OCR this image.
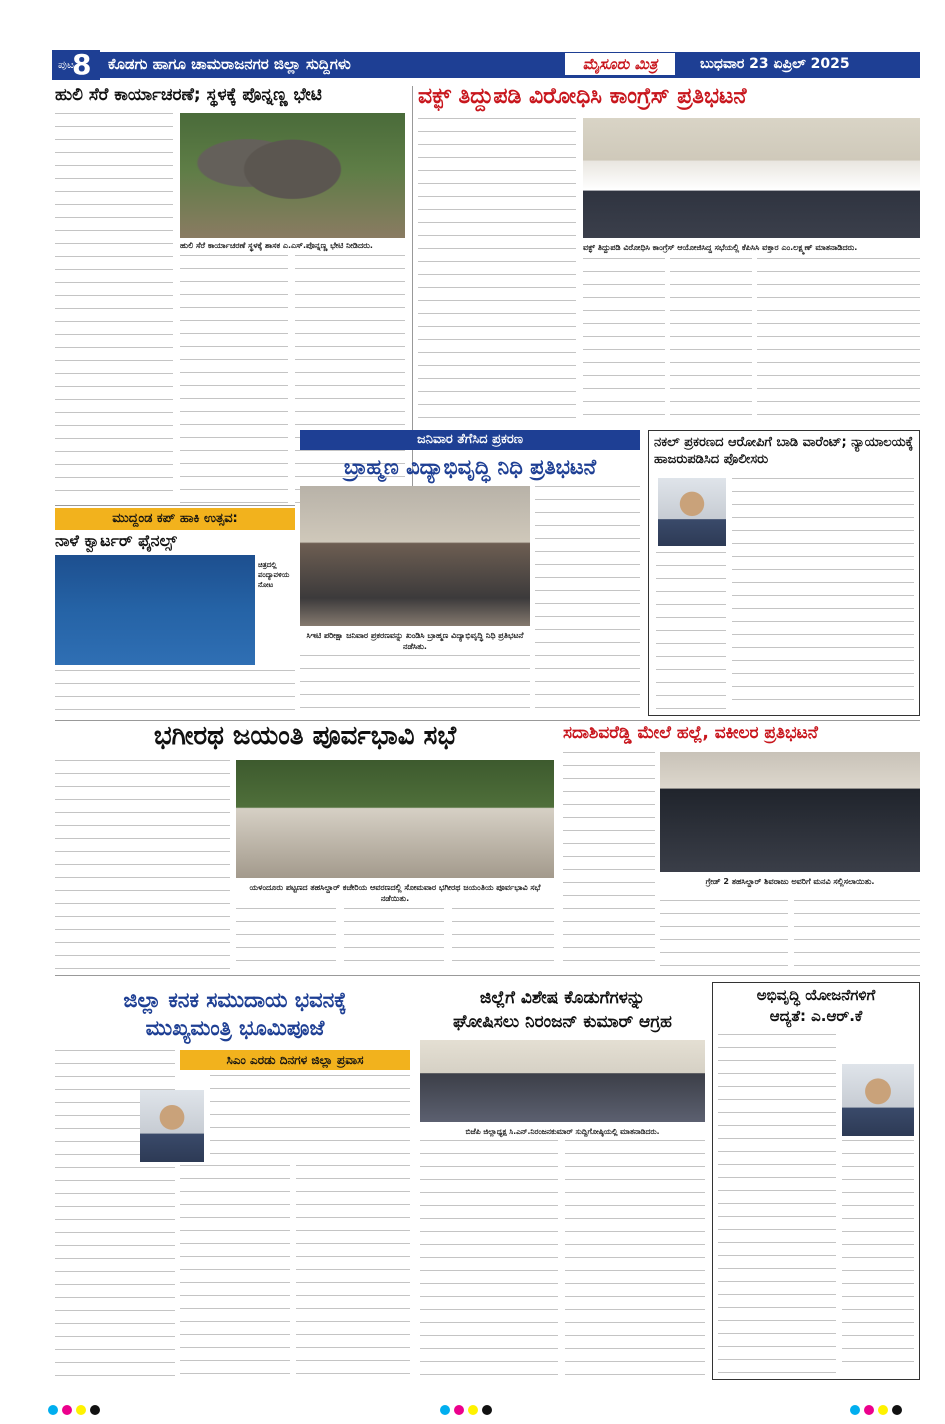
ಪುಟ
8 ಕೊಡಗು ಹಾಗೂ ಚಾಮರಾಜನಗರ ಜಿಲ್ಲಾ ಸುದ್ದಿಗಳು	ಮೈಸೂರು ಮಿತ್ರ	ಬುಧವಾರ 23 ಏಪ್ರಿಲ್ 2025
ಹುಲಿ ಸೆರೆ ಕಾರ್ಯಾಚರಣೆ; ಸ್ಥಳಕ್ಕೆ ಪೊನ್ನಣ್ಣ ಭೇಟಿ
ಹುಲಿ ಸೆರೆ ಕಾರ್ಯಾಚರಣೆ ಸ್ಥಳಕ್ಕೆ ಶಾಸಕ ಎ.ಎಸ್.ಪೊನ್ನಣ್ಣ ಭೇಟಿ ನೀಡಿದರು.
ವಕ್ಫ್ ತಿದ್ದುಪಡಿ ವಿರೋಧಿಸಿ ಕಾಂಗ್ರೆಸ್ ಪ್ರತಿಭಟನೆ
ವಕ್ಫ್ ತಿದ್ದುಪಡಿ ವಿರೋಧಿಸಿ ಕಾಂಗ್ರೆಸ್ ಆಯೋಜಿಸಿದ್ದ ಸಭೆಯಲ್ಲಿ ಕೆಪಿಸಿಸಿ ವಕ್ತಾರ ಎಂ.ಲಕ್ಷ್ಮಣ್ ಮಾತನಾಡಿದರು.
ಮುದ್ದಂಡ ಕಪ್ ಹಾಕಿ ಉತ್ಸವ:
ನಾಳೆ ಕ್ವಾರ್ಟರ್ ಫೈನಲ್ಸ್
ಚಿತ್ರದಲ್ಲಿ ಪಂದ್ಯಾವಳಿಯ ನೋಟ
ಜನಿವಾರ ತೆಗೆಸಿದ ಪ್ರಕರಣ
ಬ್ರಾಹ್ಮಣ ವಿದ್ಯಾಭಿವೃದ್ಧಿ ನಿಧಿ ಪ್ರತಿಭಟನೆ
ಸಿಇಟಿ ಪರೀಕ್ಷಾ ಜನಿವಾರ ಪ್ರಕರಣವನ್ನು ಖಂಡಿಸಿ ಬ್ರಾಹ್ಮಣ ವಿದ್ಯಾಭಿವೃದ್ಧಿ ನಿಧಿ ಪ್ರತಿಭಟನೆ ನಡೆಸಿತು.
ನಕಲ್ ಪ್ರಕರಣದ ಆರೋಪಿಗೆ ಬಾಡಿ ವಾರೆಂಟ್; ನ್ಯಾಯಾಲಯಕ್ಕೆ ಹಾಜರುಪಡಿಸಿದ ಪೊಲೀಸರು
ಭಗೀರಥ ಜಯಂತಿ ಪೂರ್ವಭಾವಿ ಸಭೆ
ಯಳಂದೂರು ಪಟ್ಟಣದ ತಹಸಿಲ್ದಾರ್ ಕಚೇರಿಯ ಆವರಣದಲ್ಲಿ ಸೋಮವಾರ ಭಗೀರಥ ಜಯಂತಿಯ ಪೂರ್ವಭಾವಿ ಸಭೆ ನಡೆಯಿತು.
ಸದಾಶಿವರೆಡ್ಡಿ ಮೇಲೆ ಹಲ್ಲೆ, ವಕೀಲರ ಪ್ರತಿಭಟನೆ
ಗ್ರೇಡ್ 2 ತಹಸಿಲ್ದಾರ್ ಶಿವರಾಜು ಅವರಿಗೆ ಮನವಿ ಸಲ್ಲಿಸಲಾಯಿತು.
ಜಿಲ್ಲಾ ಕನಕ ಸಮುದಾಯ ಭವನಕ್ಕೆ
ಮುಖ್ಯಮಂತ್ರಿ ಭೂಮಿಪೂಜೆ
ಸಿಎಂ ಎರಡು ದಿನಗಳ ಜಿಲ್ಲಾ ಪ್ರವಾಸ
ಜಿಲ್ಲೆಗೆ ವಿಶೇಷ ಕೊಡುಗೆಗಳನ್ನು
ಘೋಷಿಸಲು ನಿರಂಜನ್ ಕುಮಾರ್ ಆಗ್ರಹ
ಬಿಜೆಪಿ ಜಿಲ್ಲಾಧ್ಯಕ್ಷ ಸಿ.ಎನ್.ನಿರಂಜನಕುಮಾರ್ ಸುದ್ದಿಗೋಷ್ಠಿಯಲ್ಲಿ ಮಾತನಾಡಿದರು.
ಅಭಿವೃದ್ಧಿ ಯೋಜನೆಗಳಿಗೆ
ಆದ್ಯತೆ: ಎ.ಆರ್.ಕೆ
